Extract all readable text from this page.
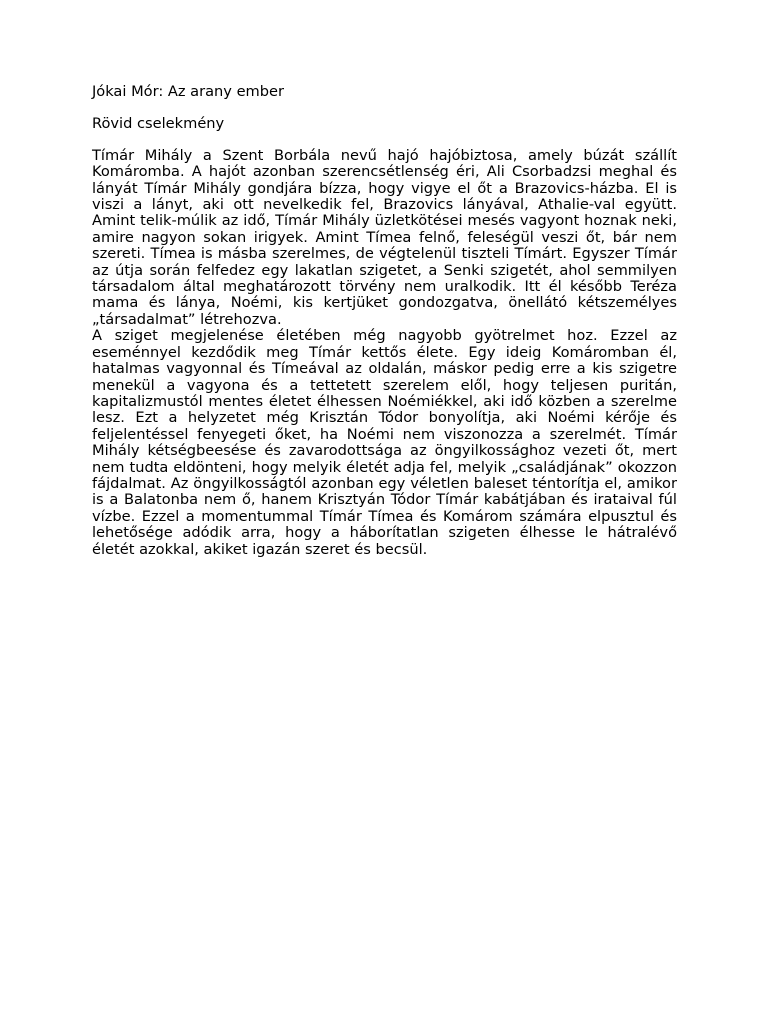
Jókai Mór: Az arany ember

Rövid cselekmény

Tímár Mihály a Szent Borbála nevű hajó hajóbiztosa, amely búzát szállít Komáromba. A hajót azonban szerencsétlenség éri, Ali Csorbadzsi meghal és lányát Tímár Mihály gondjára bízza, hogy vigye el őt a Brazovics-házba. El is viszi a lányt, aki ott nevelkedik fel, Brazovics lányával, Athalie-val együtt. Amint telik-múlik az idő, Tímár Mihály üzletkötései mesés vagyont hoznak neki, amire nagyon sokan irigyek. Amint Tímea felnő, feleségül veszi őt, bár nem szereti. Tímea is másba szerelmes, de végtelenül tiszteli Tímárt. Egyszer Tímár az útja során felfedez egy lakatlan szigetet, a Senki szigetét, ahol semmilyen társadalom által meghatározott törvény nem uralkodik. Itt él később Teréza mama és lánya, Noémi, kis kertjüket gondozgatva, önellátó kétszemélyes „társadalmat” létrehozva.

A sziget megjelenése életében még nagyobb gyötrelmet hoz. Ezzel az eseménnyel kezdődik meg Tímár kettős élete. Egy ideig Komáromban él, hatalmas vagyonnal és Tímeával az oldalán, máskor pedig erre a kis szigetre menekül a vagyona és a tettetett szerelem elől, hogy teljesen puritán, kapitalizmustól mentes életet élhessen Noémiékkel, aki idő közben a szerelme lesz. Ezt a helyzetet még Krisztán Tódor bonyolítja, aki Noémi kérője és feljelentéssel fenyegeti őket, ha Noémi nem viszonozza a szerelmét. Tímár Mihály kétségbeesése és zavarodottsága az öngyilkossághoz vezeti őt, mert nem tudta eldönteni, hogy melyik életét adja fel, melyik „családjának” okozzon fájdalmat. Az öngyilkosságtól azonban egy véletlen baleset téntorítja el, amikor is a Balatonba nem ő, hanem Krisztyán Tódor Tímár kabátjában és irataival fúl vízbe. Ezzel a momentummal Tímár Tímea és Komárom számára elpusztul és lehetősége adódik arra, hogy a háborítatlan szigeten élhesse le hátralévő életét azokkal, akiket igazán szeret és becsül.
